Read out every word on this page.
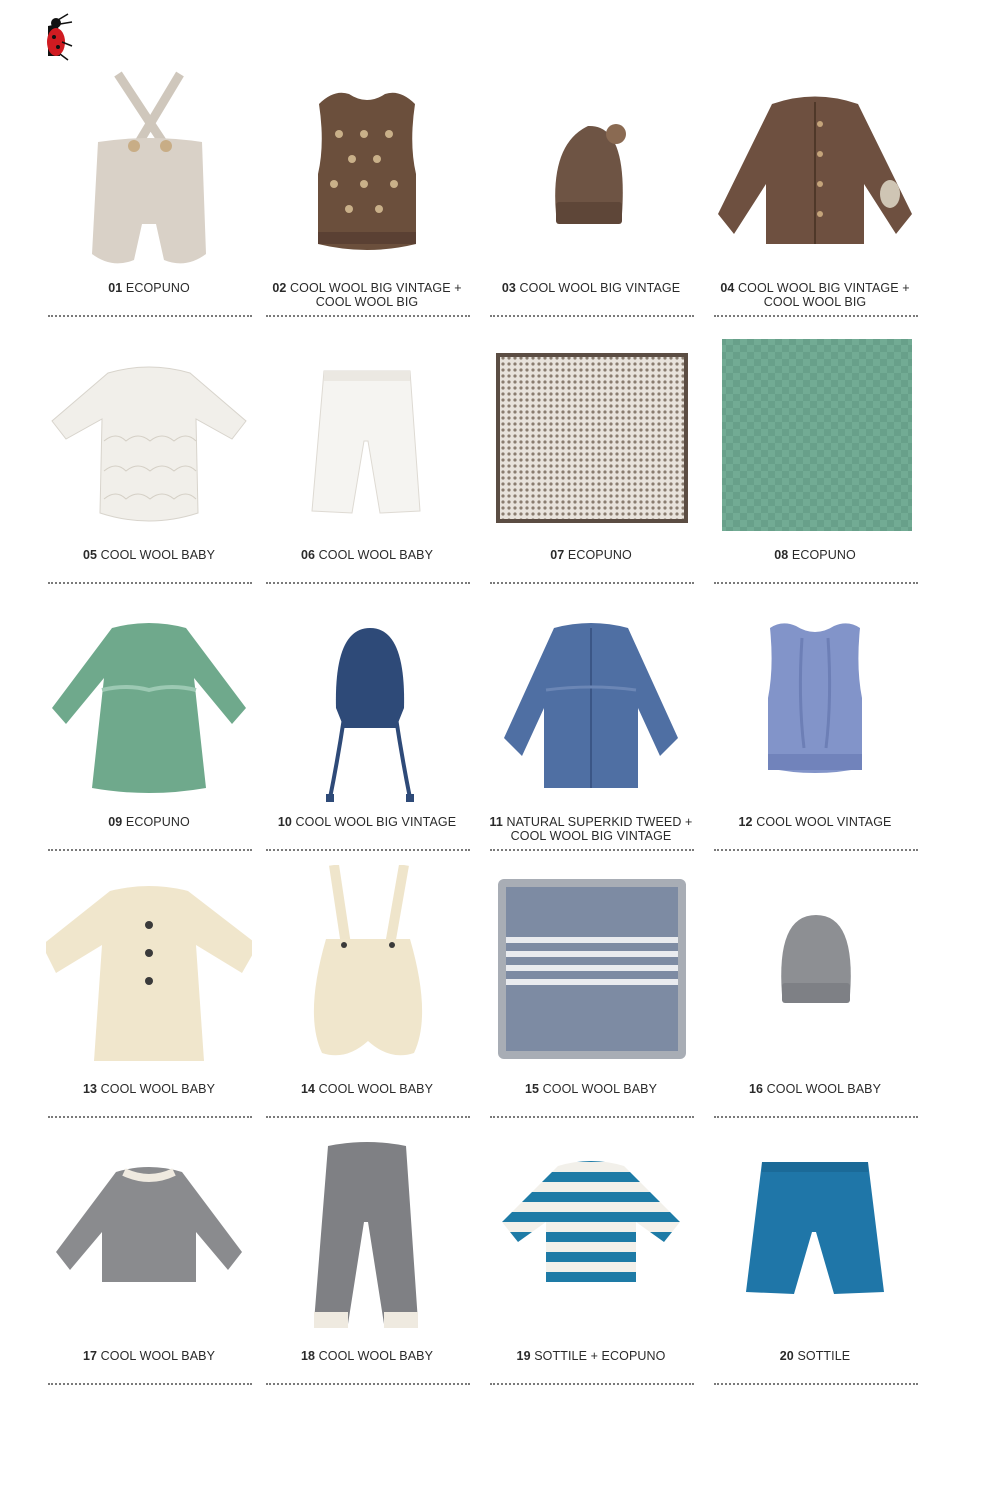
01 ECOPUNO	02 COOL WOOL BIG VINTAGE + COOL WOOL BIG
03 COOL WOOL BIG VINTAGE	04 COOL WOOL BIG VINTAGE + COOL WOOL BIG
05 COOL WOOL BABY	06 COOL WOOL BABY	07 ECOPUNO	08 ECOPUNO
09 ECOPUNO	10 COOL WOOL BIG VINTAGE	11 NATURAL SUPERKID TWEED + COOL WOOL BIG VINTAGE
12 COOL WOOL VINTAGE
13 COOL WOOL BABY	14 COOL WOOL BABY	15 COOL WOOL BABY	16 COOL WOOL BABY
17 COOL WOOL BABY	18 COOL WOOL BABY	19 SOTTILE + ECOPUNO	20 SOTTILE
